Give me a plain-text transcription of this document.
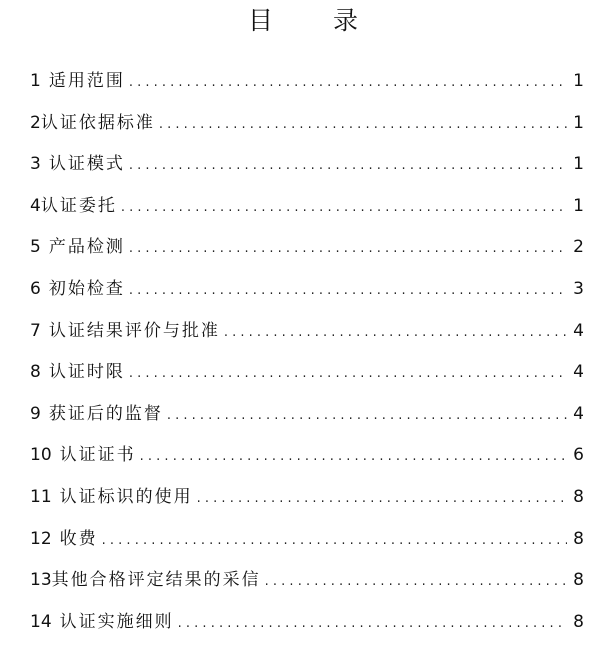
目 录
1 适用范围 . . .	1
2 认证依据标准 . . .	1
3 认证模式 . . .	1
4 认证委托 . . .	1
5 产品检测 . . .	2
6 初始检查 . . .	3
7 认证结果评价与批准 . . .	4
8 认证时限 . . .	4
9 获证后的监督 . . .	4
10 认证证书 . . .	6
11 认证标识的使用 . . .	8
12 收费 . . .	8
13 其他合格评定结果的采信 . . .	8
14 认证实施细则 . . .	8
